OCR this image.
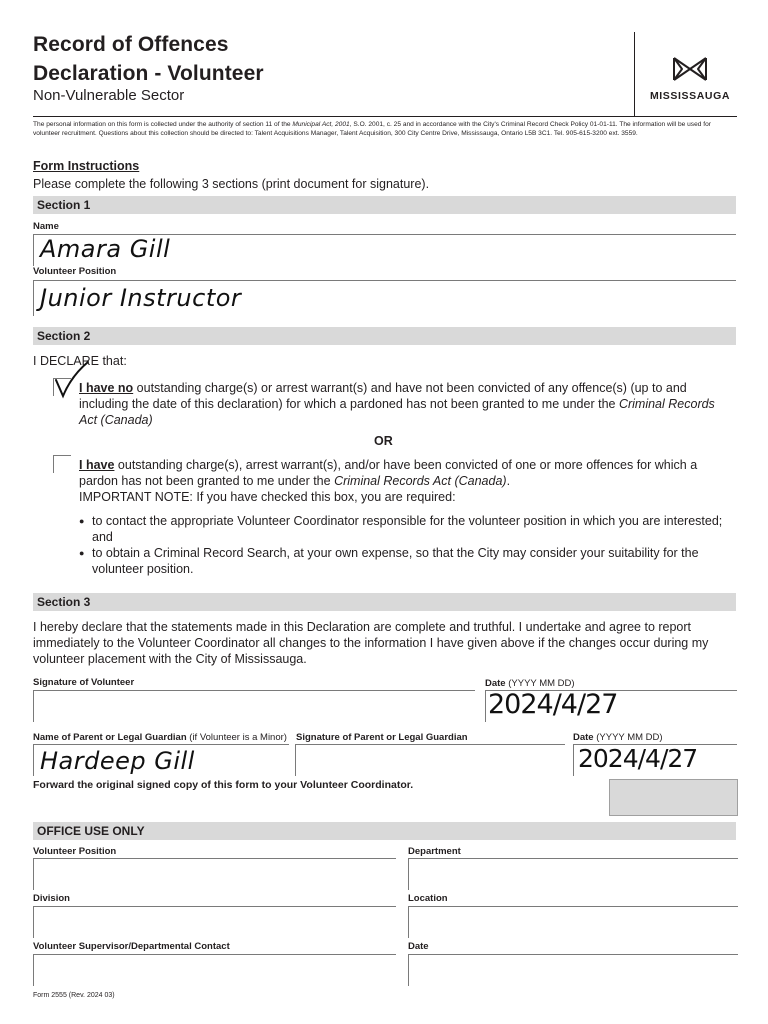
Record of Offences
Declaration - Volunteer
Non-Vulnerable Sector	MISSISSAUGA
The personal information on this form is collected under the authority of section 11 of the Municipal Act, 2001, S.O. 2001, c. 25 and in accordance with the City's Criminal Record Check Policy 01-01-11. The information will be used for volunteer recruitment. Questions about this collection should be directed to: Talent Acquisitions Manager, Talent Acquisition, 300 City Centre Drive, Mississauga, Ontario L5B 3C1. Tel. 905-615-3200 ext. 3559.
Form Instructions
Please complete the following 3 sections (print document for signature).
Section 1
Name
Amara Gill
Volunteer Position
Junior Instructor
Section 2
I DECLARE that:
I have no outstanding charge(s) or arrest warrant(s) and have not been convicted of any offence(s) (up to and including the date of this declaration) for which a pardoned has not been granted to me under the Criminal Records Act (Canada)
OR
I have outstanding charge(s), arrest warrant(s), and/or have been convicted of one or more offences for which a pardon has not been granted to me under the Criminal Records Act (Canada).
IMPORTANT NOTE: If you have checked this box, you are required:
● to contact the appropriate Volunteer Coordinator responsible for the volunteer position in which you are interested; and
● to obtain a Criminal Record Search, at your own expense, so that the City may consider your suitability for the volunteer position.
Section 3
I hereby declare that the statements made in this Declaration are complete and truthful. I undertake and agree to report immediately to the Volunteer Coordinator all changes to the information I have given above if the changes occur during my volunteer placement with the City of Mississauga.
Signature of Volunteer	Date (YYYY MM DD)
2024/4/27
Name of Parent or Legal Guardian (if Volunteer is a Minor)
Hardeep Gill
Signature of Parent or Legal Guardian	Date (YYYY MM DD)
2024/4/27
Forward the original signed copy of this form to your Volunteer Coordinator.
OFFICE USE ONLY
Volunteer Position	Department
Division	Location
Volunteer Supervisor/Departmental Contact	Date
Form 2555 (Rev. 2024 03)
